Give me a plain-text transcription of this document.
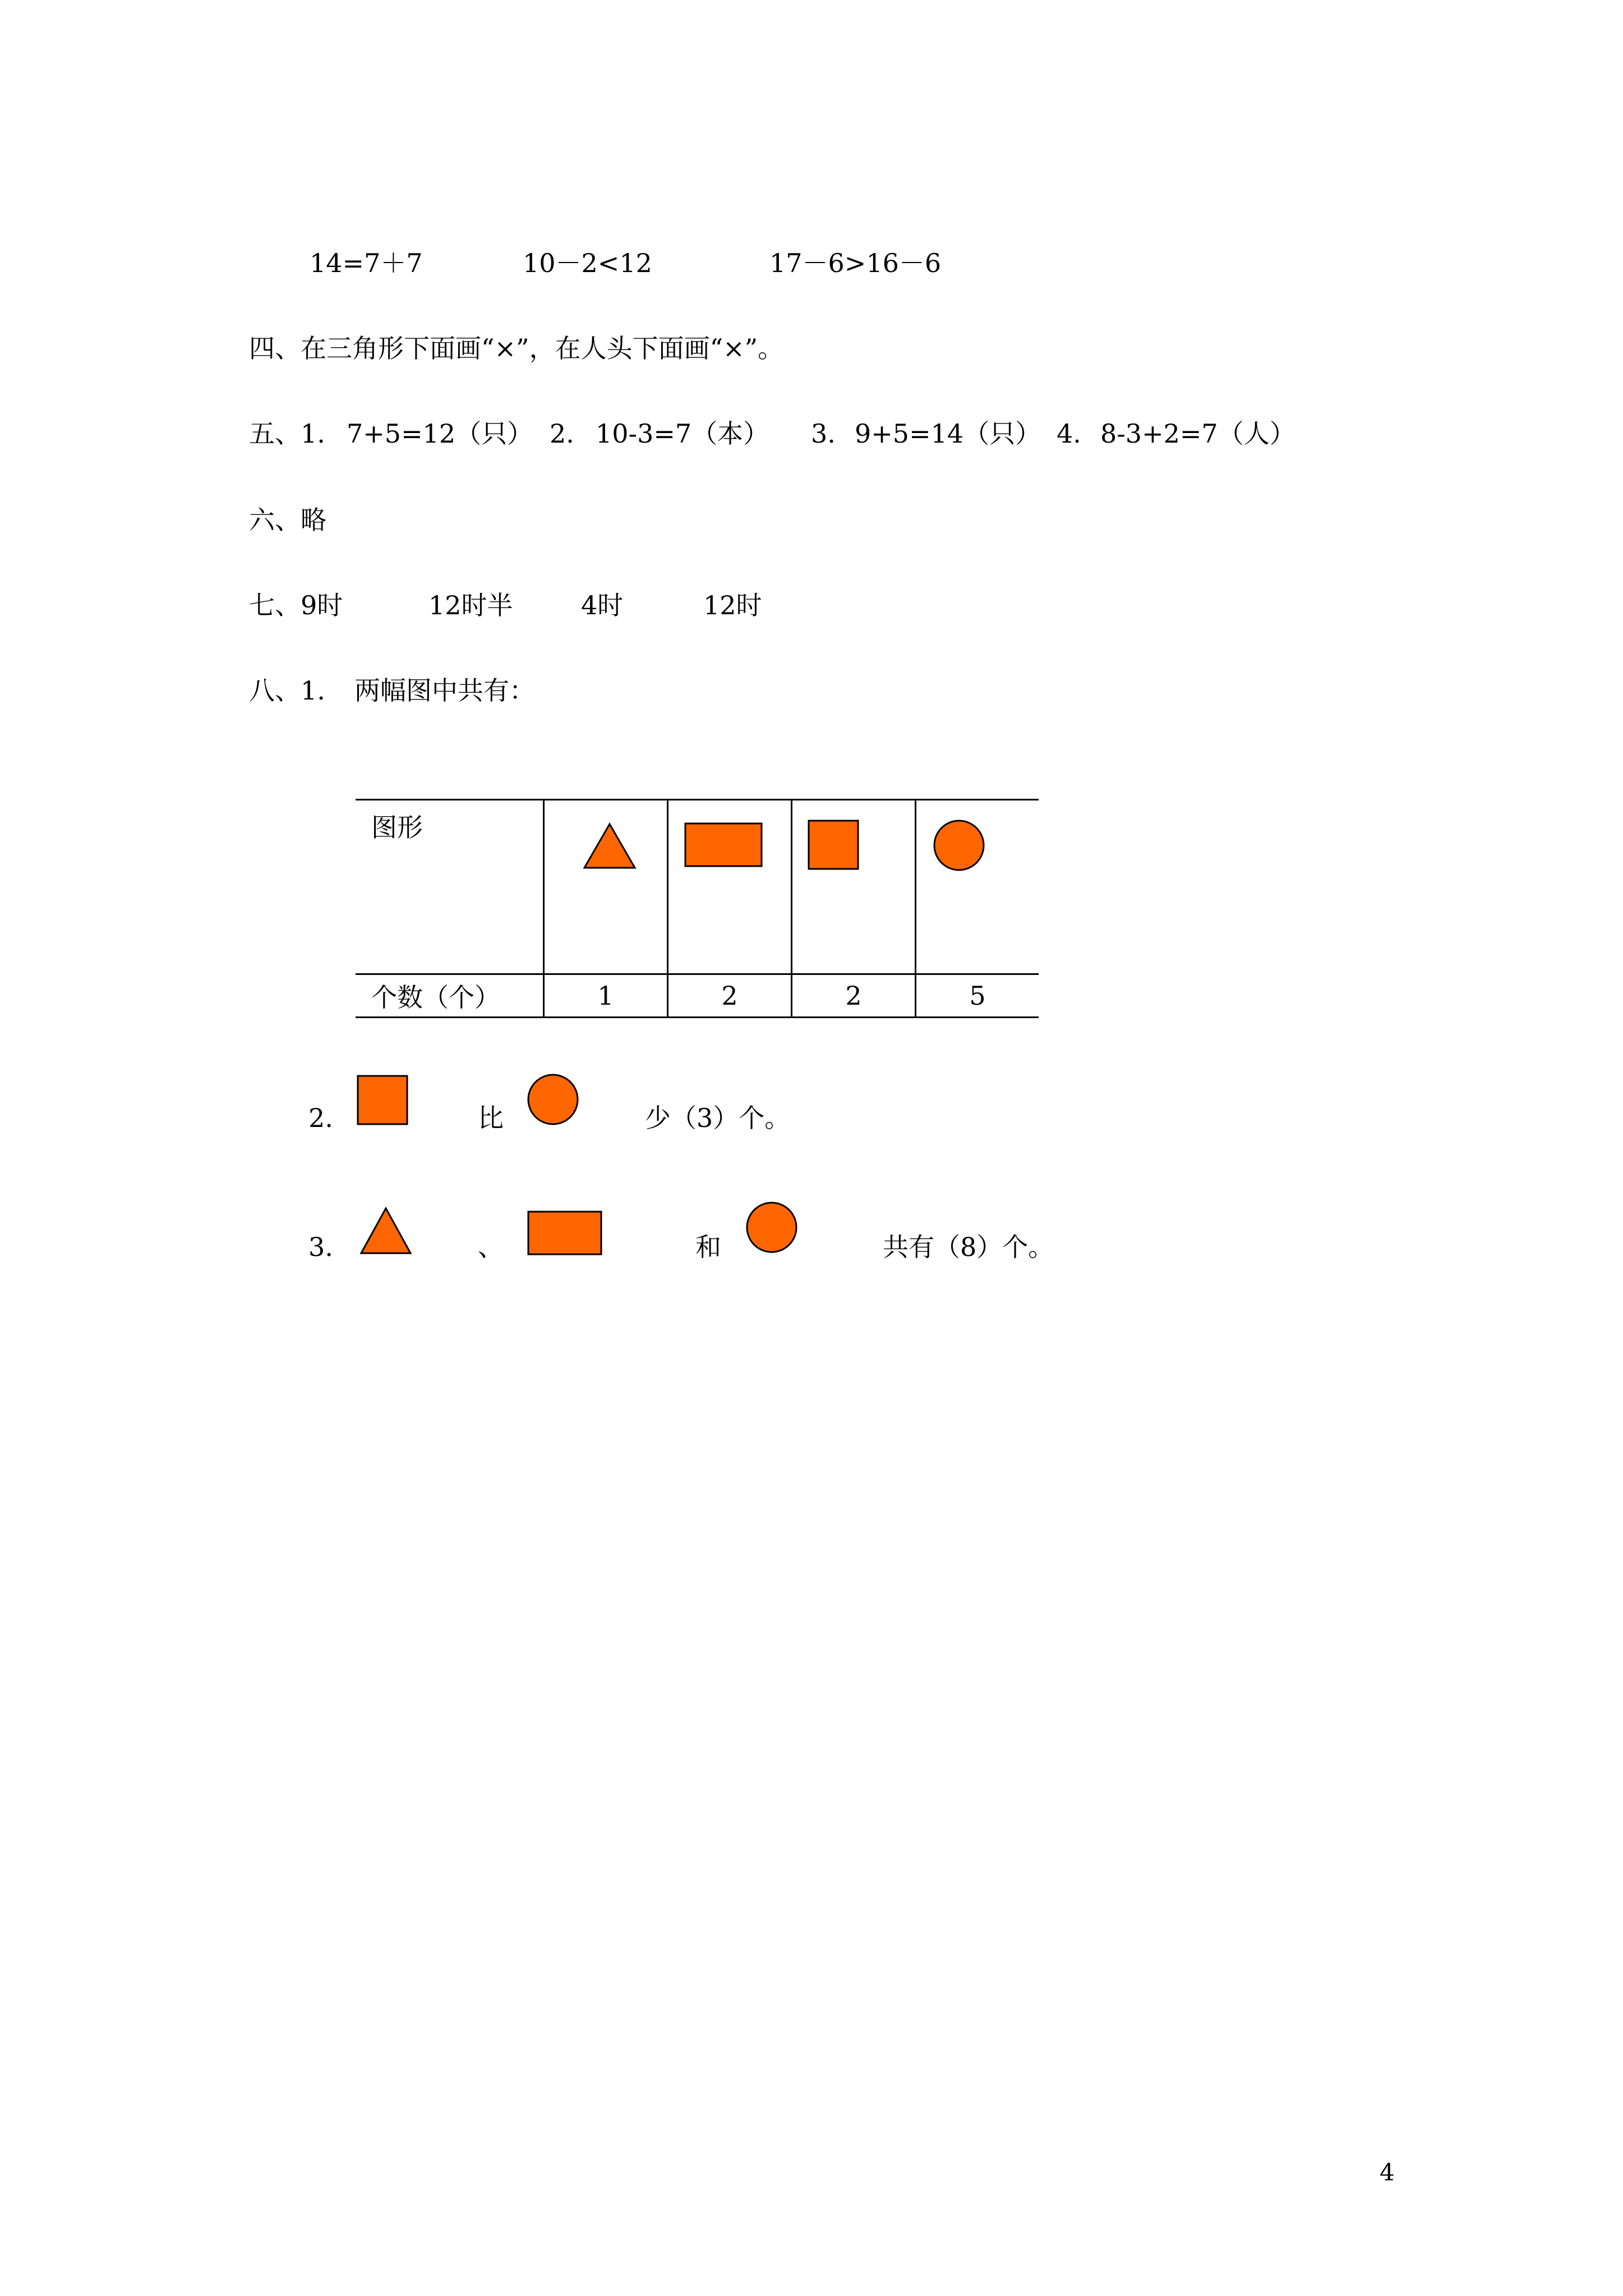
14=7＋7	10－2<12	17－6>16－6
四、在三角形下面画“×”，在人头下面画“×”。
五、1. 7+5=12（只） 2. 10-3=7（本） 3. 9+5=14（只） 4. 8-3+2=7（人）
六、略
七、9时	12时半	4时	12时
八、1. 两幅图中共有：
图形

个数（个）	1	2	2	5
2.	比	少（3）个。
3.	、	和	共有（8）个。
4
